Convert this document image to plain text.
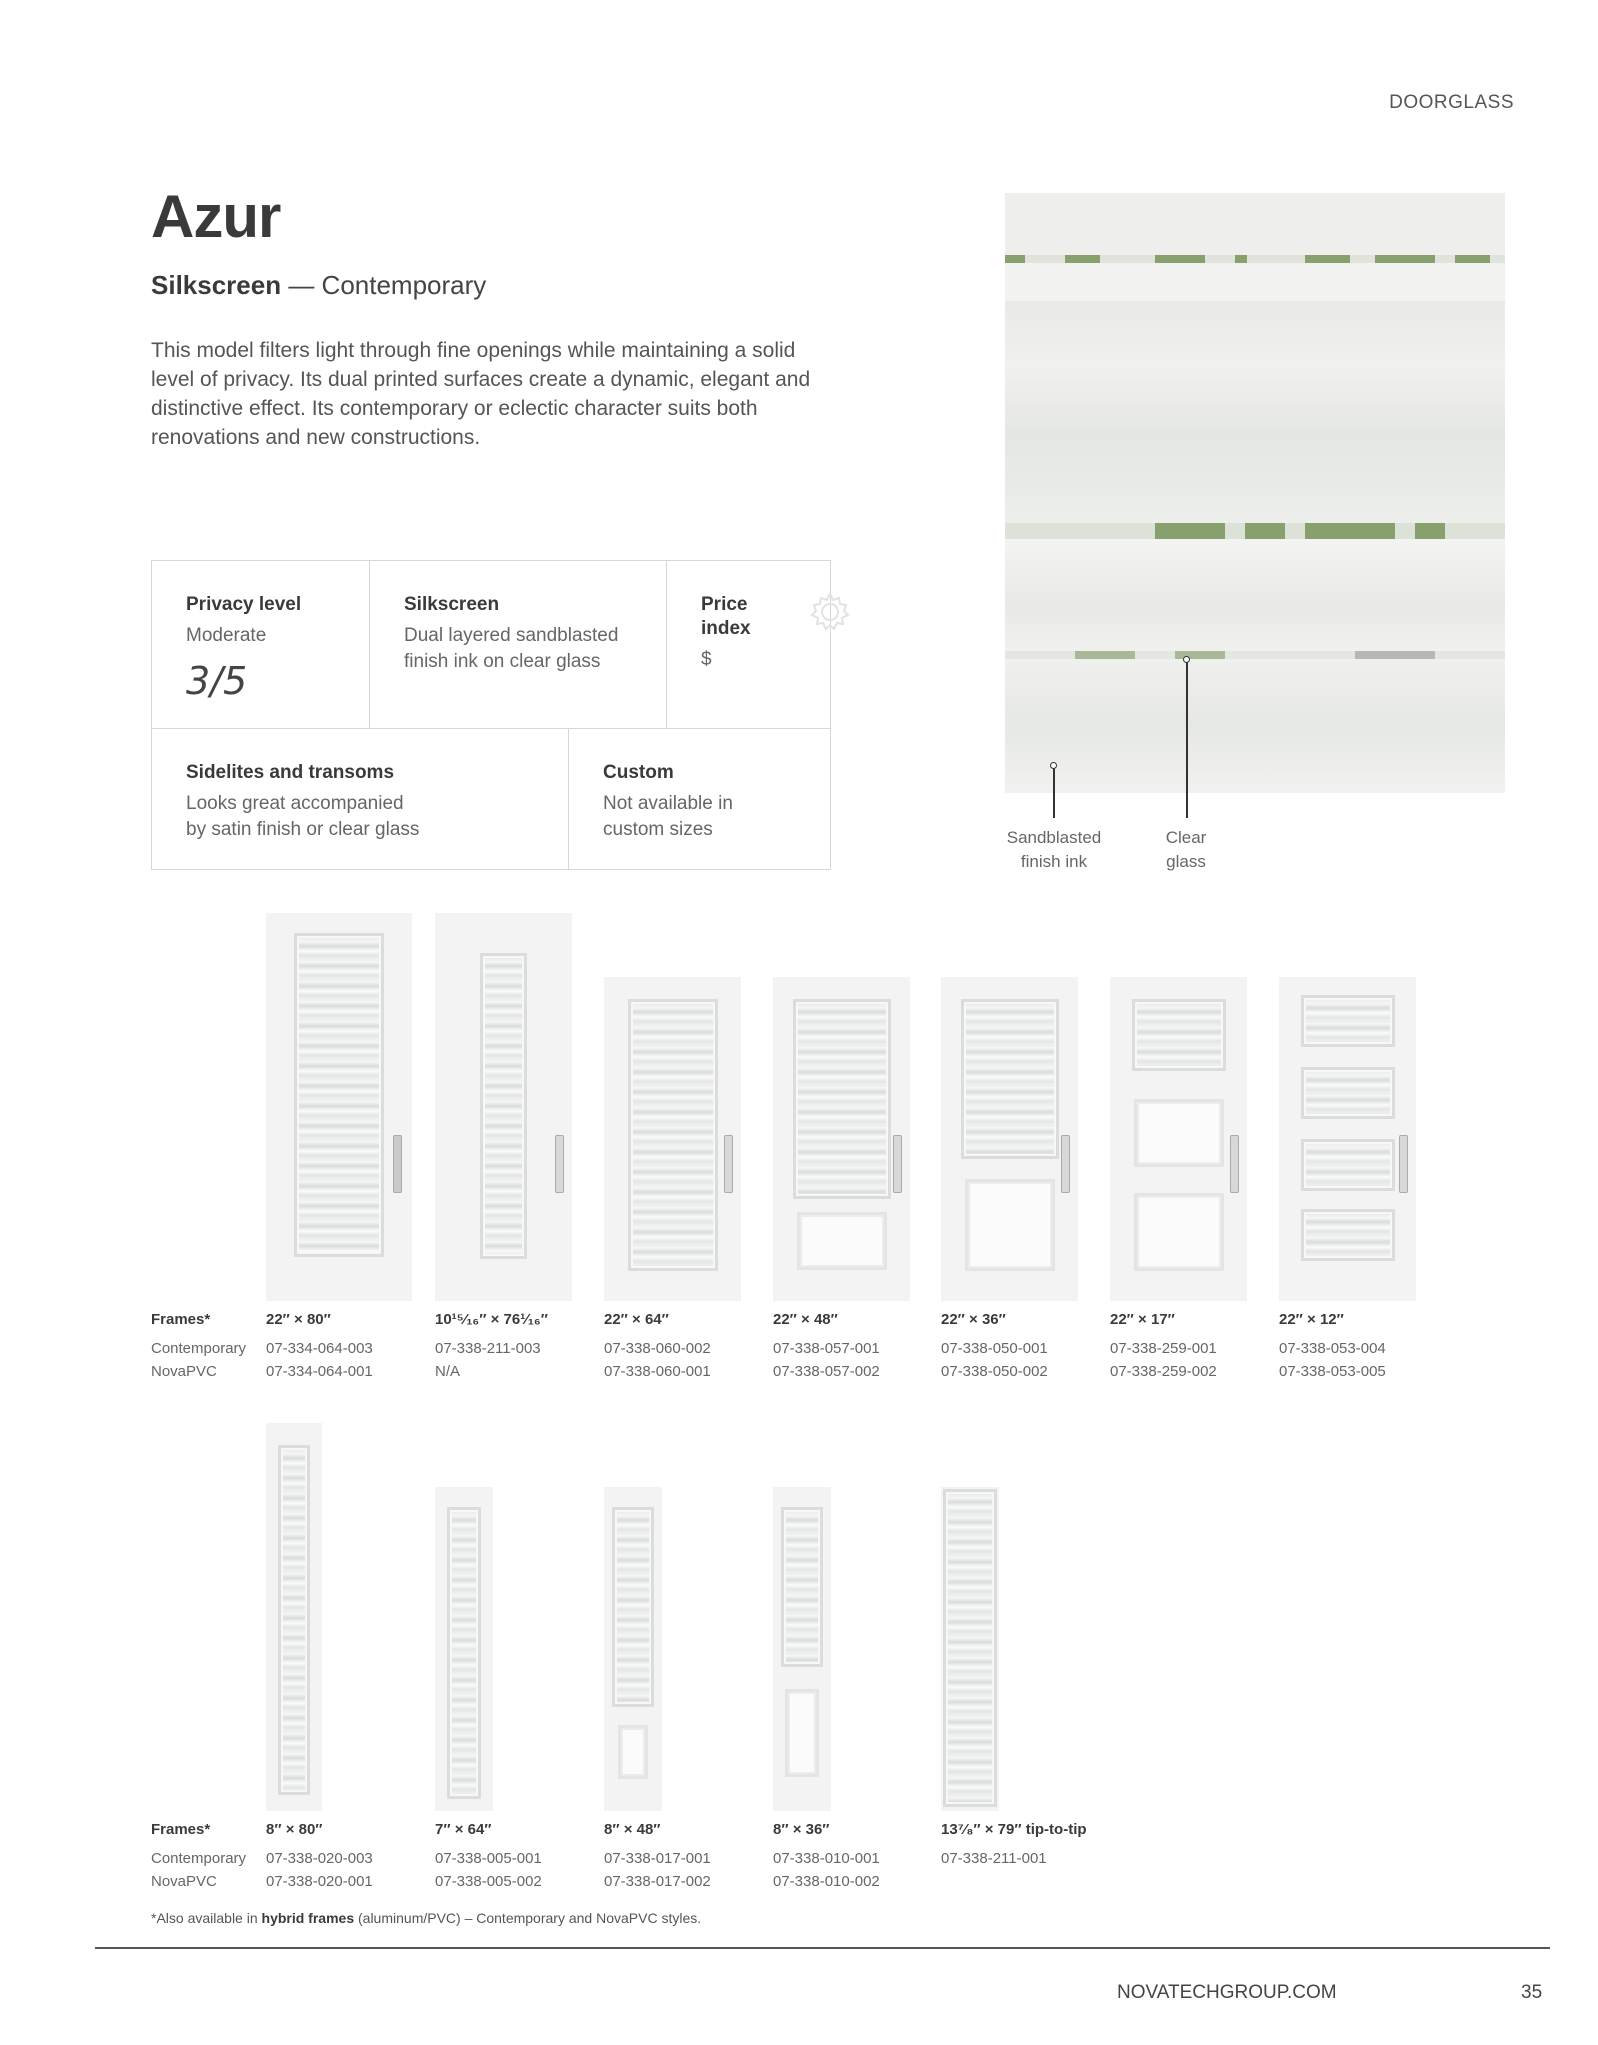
DOORGLASS
Azur
Silkscreen — Contemporary

This model filters light through fine openings while maintaining a solid level of privacy. Its dual printed surfaces create a dynamic, elegant and distinctive effect. Its contemporary or eclectic character suits both renovations and new constructions.

Privacy level
Moderate
3/5
Silkscreen
Dual layered sandblasted finish ink on clear glass
Price index
$
Sidelites and transoms
Looks great accompanied by satin finish or clear glass
Custom
Not available in custom sizes	Sandblasted finish ink
Clear glass
Frames*
Contemporary
NovaPVC
22″ × 80″
07-334-064-003
07-334-064-001
10¹⁵⁄₁₆″ × 76¹⁄₁₆″
07-338-211-003
N/A
22″ × 64″
07-338-060-002
07-338-060-001
22″ × 48″
07-338-057-001
07-338-057-002
22″ × 36″
07-338-050-001
07-338-050-002
22″ × 17″
07-338-259-001
07-338-259-002
22″ × 12″
07-338-053-004
07-338-053-005
Frames*
Contemporary
NovaPVC
8″ × 80″
07-338-020-003
07-338-020-001
7″ × 64″
07-338-005-001
07-338-005-002
8″ × 48″
07-338-017-001
07-338-017-002
8″ × 36″
07-338-010-001
07-338-010-002
13⁷⁄₈″ × 79″ tip-to-tip
07-338-211-001
*Also available in hybrid frames (aluminum/PVC) – Contemporary and NovaPVC styles.
NOVATECHGROUP.COM	35
